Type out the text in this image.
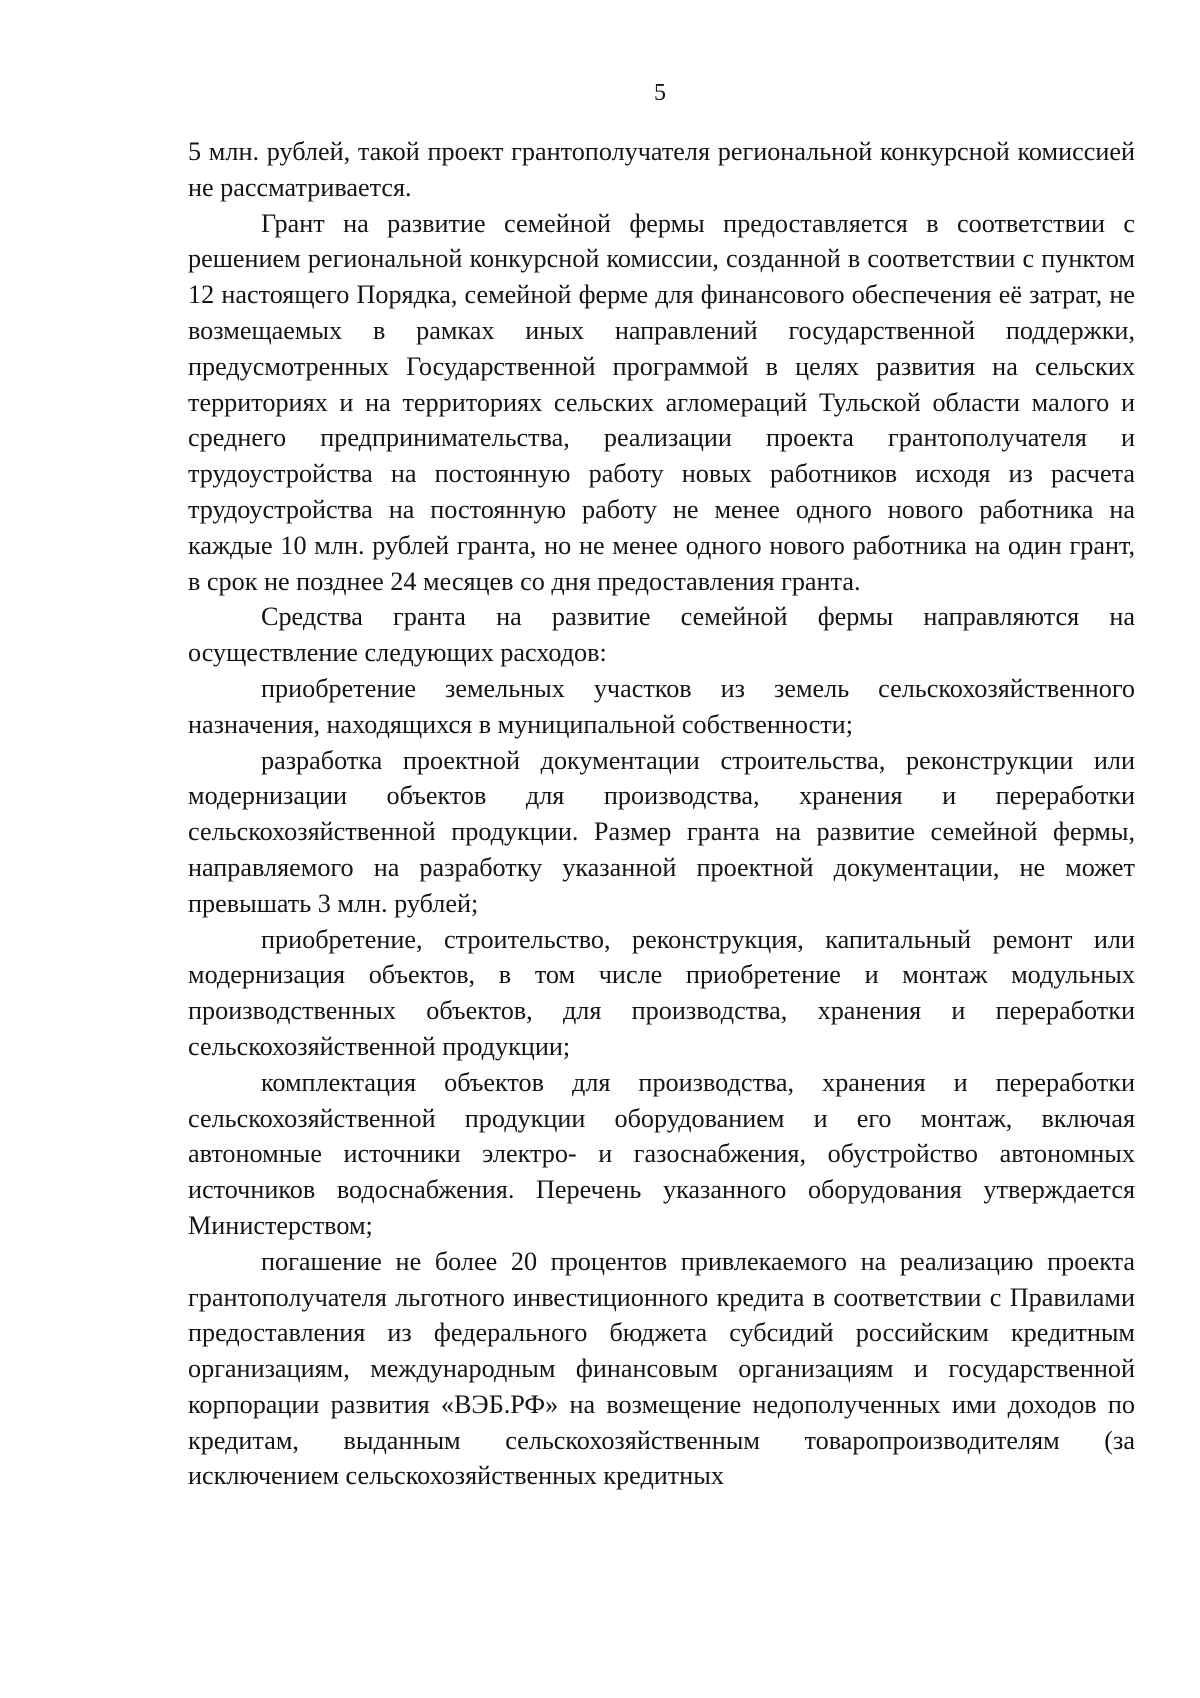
5

5 млн. рублей, такой проект грантополучателя региональной конкурсной комиссией не рассматривается.

Грант на развитие семейной фермы предоставляется в соответствии с решением региональной конкурсной комиссии, созданной в соответствии с пунктом 12 настоящего Порядка, семейной ферме для финансового обеспечения её затрат, не возмещаемых в рамках иных направлений государственной поддержки, предусмотренных Государственной программой в целях развития на сельских территориях и на территориях сельских агломераций Тульской области малого и среднего предпринимательства, реализации проекта грантополучателя и трудоустройства на постоянную работу новых работников исходя из расчета трудоустройства на постоянную работу не менее одного нового работника на каждые 10 млн. рублей гранта, но не менее одного нового работника на один грант, в срок не позднее 24 месяцев со дня предоставления гранта.

Средства гранта на развитие семейной фермы направляются на осуществление следующих расходов:

приобретение земельных участков из земель сельскохозяйственного назначения, находящихся в муниципальной собственности;

разработка проектной документации строительства, реконструкции или модернизации объектов для производства, хранения и переработки сельскохозяйственной продукции. Размер гранта на развитие семейной фермы, направляемого на разработку указанной проектной документации, не может превышать 3 млн. рублей;

приобретение, строительство, реконструкция, капитальный ремонт или модернизация объектов, в том числе приобретение и монтаж модульных производственных объектов, для производства, хранения и переработки сельскохозяйственной продукции;

комплектация объектов для производства, хранения и переработки сельскохозяйственной продукции оборудованием и его монтаж, включая автономные источники электро- и газоснабжения, обустройство автономных источников водоснабжения. Перечень указанного оборудования утверждается Министерством;

погашение не более 20 процентов привлекаемого на реализацию проекта грантополучателя льготного инвестиционного кредита в соответствии с Правилами предоставления из федерального бюджета субсидий российским кредитным организациям, международным финансовым организациям и государственной корпорации развития «ВЭБ.РФ» на возмещение недополученных ими доходов по кредитам, выданным сельскохозяйственным товаропроизводителям (за исключением сельскохозяйственных кредитных
